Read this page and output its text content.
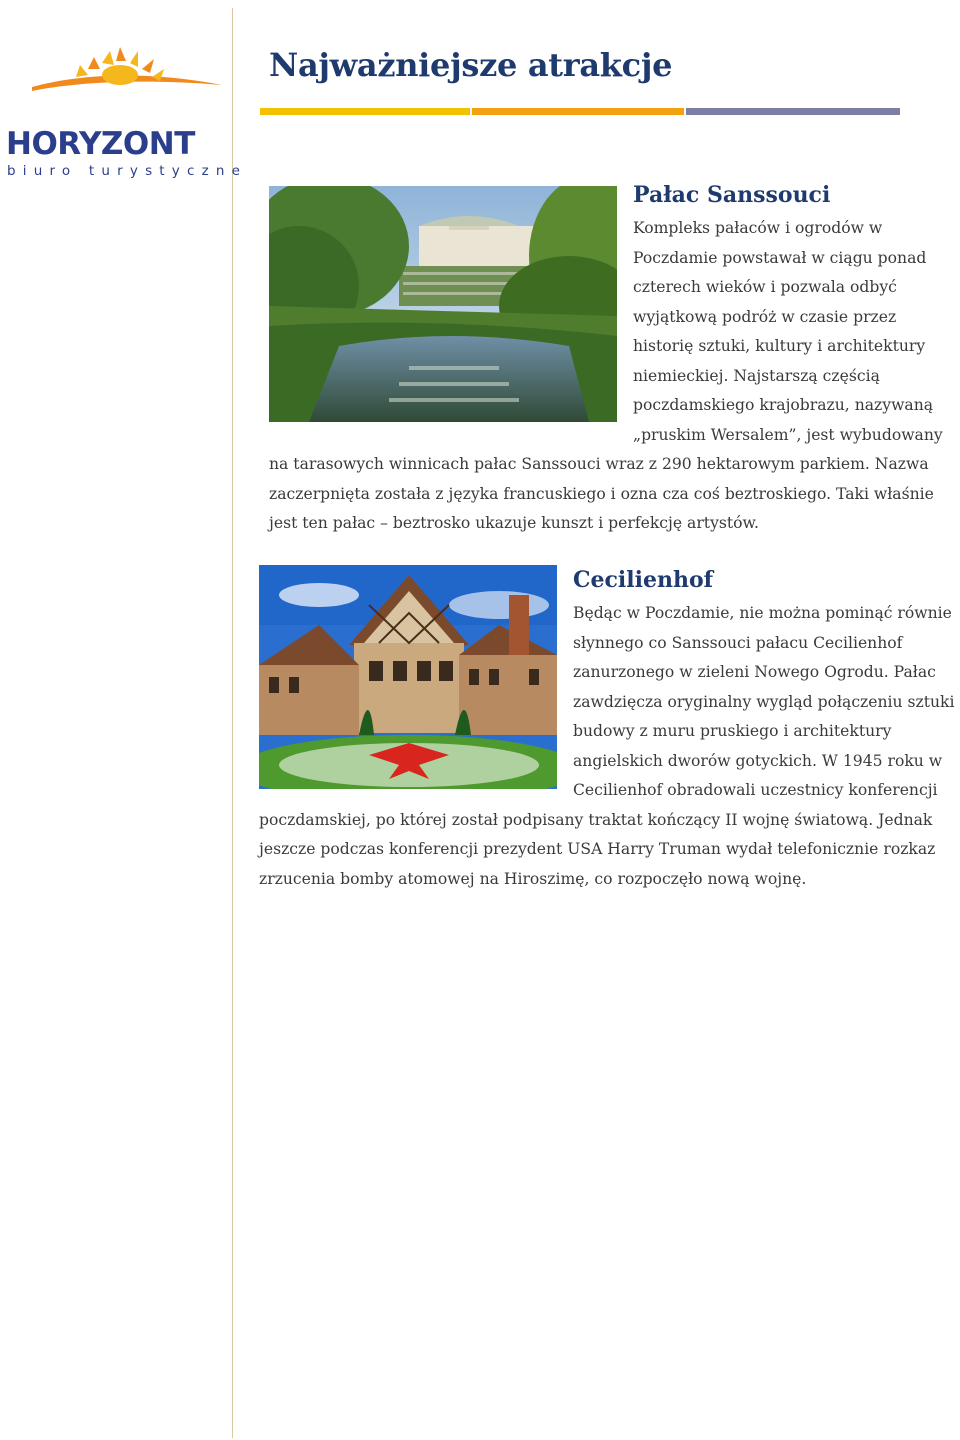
HORYZONT
biuro turystyczne
Najważniejsze atrakcje
Pałac Sanssouci

Kompleks pałaców i ogrodów w Poczdamie powstawał w ciągu ponad czterech wieków i pozwala odbyć wyjątkową podróż w czasie przez historię sztuki, kultury i architektury niemieckiej. Najstarszą częścią poczdamskiego krajobrazu, nazywaną „pruskim Wersalem”, jest wybudowany na tarasowych winnicach pałac Sanssouci wraz z 290 hektarowym parkiem. Nazwa zaczerpnięta została z języka francuskiego i ozna cza coś beztroskiego. Taki właśnie jest ten pałac – beztrosko ukazuje kunszt i perfekcję artystów.

Cecilienhof

Będąc w Poczdamie, nie można pominąć równie słynnego co Sanssouci pałacu Cecilienhof zanurzonego w zieleni Nowego Ogrodu. Pałac zawdzięcza oryginalny wygląd połączeniu sztuki budowy z muru pruskiego i architektury angielskich dworów gotyckich. W 1945 roku w Cecilienhof obradowali uczestnicy konferencji poczdamskiej, po której został podpisany traktat kończący II wojnę światową. Jednak jeszcze podczas konferencji prezydent USA Harry Truman wydał telefonicznie rozkaz zrzucenia bomby atomowej na Hiroszimę, co rozpoczęło nową wojnę.
